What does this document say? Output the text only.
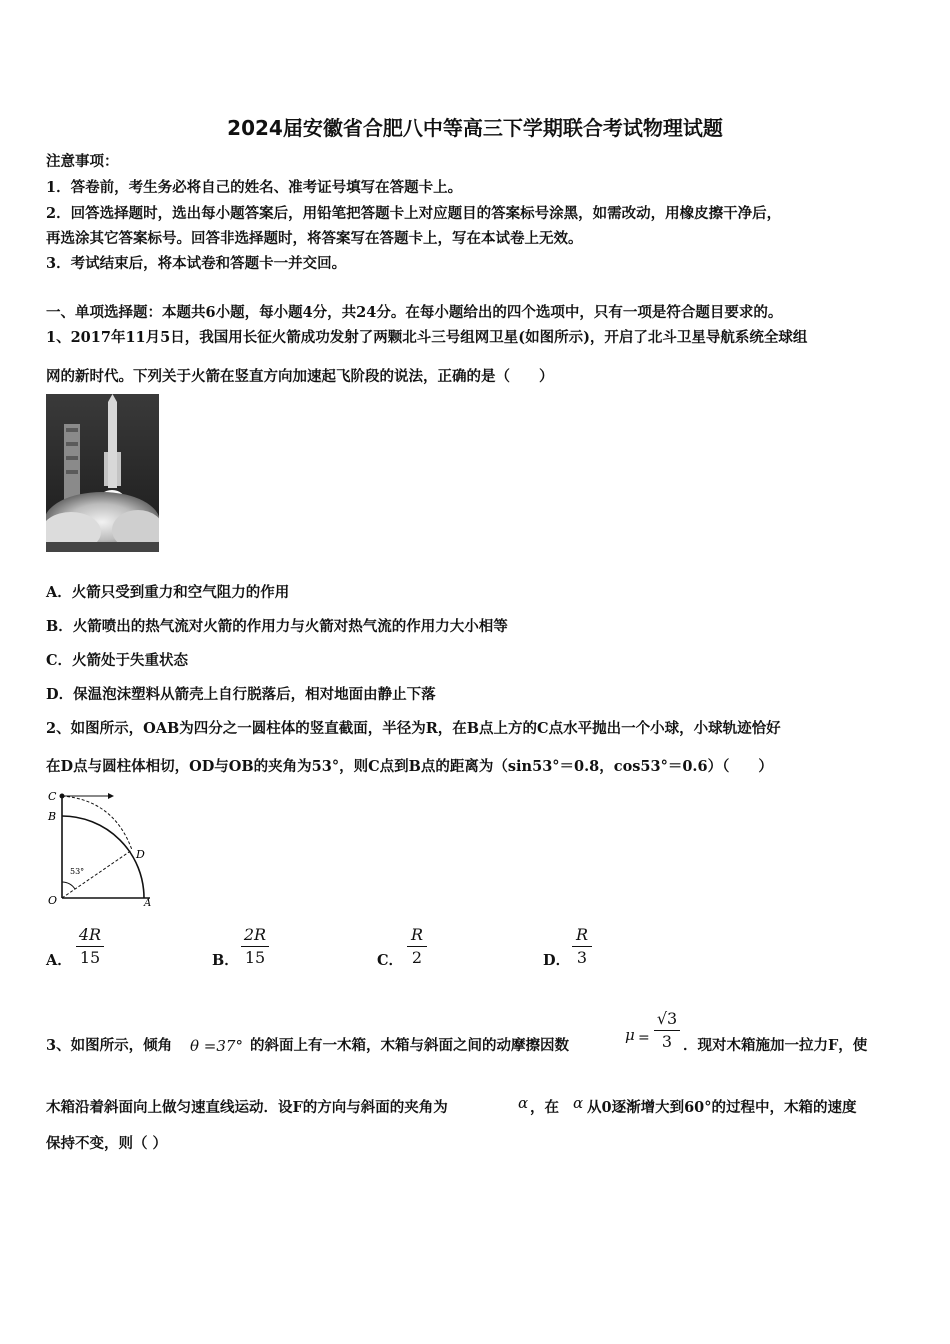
2024届安徽省合肥八中等高三下学期联合考试物理试题
注意事项：
1．答卷前，考生务必将自己的姓名、准考证号填写在答题卡上。
2．回答选择题时，选出每小题答案后，用铅笔把答题卡上对应题目的答案标号涂黑，如需改动，用橡皮擦干净后，
再选涂其它答案标号。回答非选择题时，将答案写在答题卡上，写在本试卷上无效。
3．考试结束后，将本试卷和答题卡一并交回。
一、单项选择题：本题共6小题，每小题4分，共24分。在每小题给出的四个选项中，只有一项是符合题目要求的。
1、2017年11月5日，我国用长征火箭成功发射了两颗北斗三号组网卫星(如图所示)，开启了北斗卫星导航系统全球组
网的新时代。下列关于火箭在竖直方向加速起飞阶段的说法，正确的是（　　）
A．火箭只受到重力和空气阻力的作用
B．火箭喷出的热气流对火箭的作用力与火箭对热气流的作用力大小相等
C．火箭处于失重状态
D．保温泡沫塑料从箭壳上自行脱落后，相对地面由静止下落
2、如图所示，OAB为四分之一圆柱体的竖直截面，半径为R，在B点上方的C点水平抛出一个小球，小球轨迹恰好
在D点与圆柱体相切，OD与OB的夹角为53°，则C点到B点的距离为（sin53°＝0.8，cos53°＝0.6）（　　）
C
B
D
O	A
53°
A．
4R
15	B．
2R
15	C．
R
2	D．
R
3
3、如图所示，倾角 θ =37° 的斜面上有一木箱，木箱与斜面之间的动摩擦因数
μ =
√3
3 ．现对木箱施加一拉力F，使
木箱沿着斜面向上做匀速直线运动．设F的方向与斜面的夹角为	α ，在 α 从0逐渐增大到60°的过程中，木箱的速度
保持不变，则（ ）
